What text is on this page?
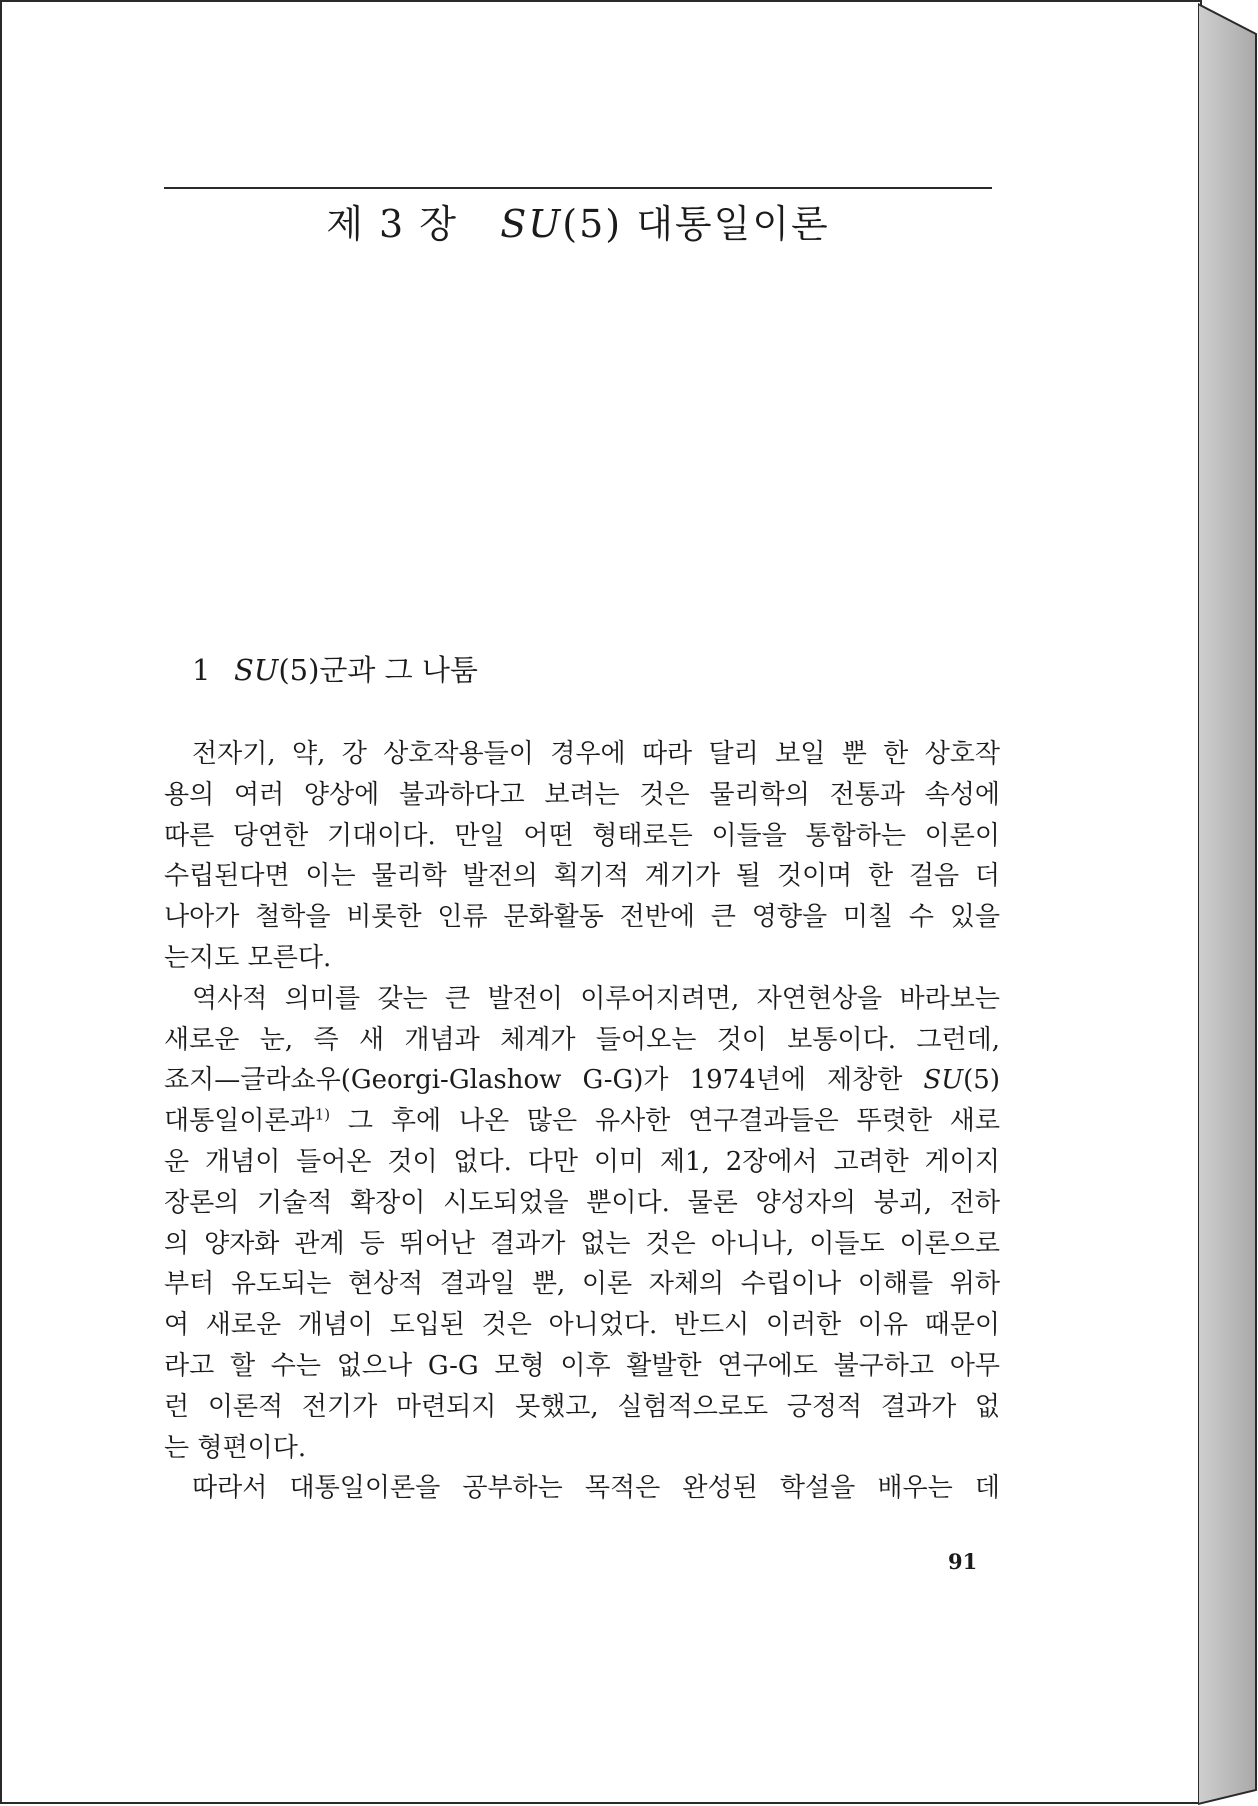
제 3 장 SU(5) 대통일이론
1 SU(5)군과 그 나툼
전자기, 약, 강 상호작용들이 경우에 따라 달리 보일 뿐 한 상호작
용의 여러 양상에 불과하다고 보려는 것은 물리학의 전통과 속성에
따른 당연한 기대이다. 만일 어떤 형태로든 이들을 통합하는 이론이
수립된다면 이는 물리학 발전의 획기적 계기가 될 것이며 한 걸음 더
나아가 철학을 비롯한 인류 문화활동 전반에 큰 영향을 미칠 수 있을
는지도 모른다.
역사적 의미를 갖는 큰 발전이 이루어지려면, 자연현상을 바라보는
새로운 눈, 즉 새 개념과 체계가 들어오는 것이 보통이다. 그런데,
죠지—글라쇼우(Georgi-Glashow G-G)가 1974년에 제창한 SU(5)
대통일이론과$^{1)}$ 그 후에 나온 많은 유사한 연구결과들은 뚜렷한 새로
운 개념이 들어온 것이 없다. 다만 이미 제1, 2장에서 고려한 게이지
장론의 기술적 확장이 시도되었을 뿐이다. 물론 양성자의 붕괴, 전하
의 양자화 관계 등 뛰어난 결과가 없는 것은 아니나, 이들도 이론으로
부터 유도되는 현상적 결과일 뿐, 이론 자체의 수립이나 이해를 위하
여 새로운 개념이 도입된 것은 아니었다. 반드시 이러한 이유 때문이
라고 할 수는 없으나 G-G 모형 이후 활발한 연구에도 불구하고 아무
런 이론적 전기가 마련되지 못했고, 실험적으로도 긍정적 결과가 없
는 형편이다.
따라서 대통일이론을 공부하는 목적은 완성된 학설을 배우는 데
91
